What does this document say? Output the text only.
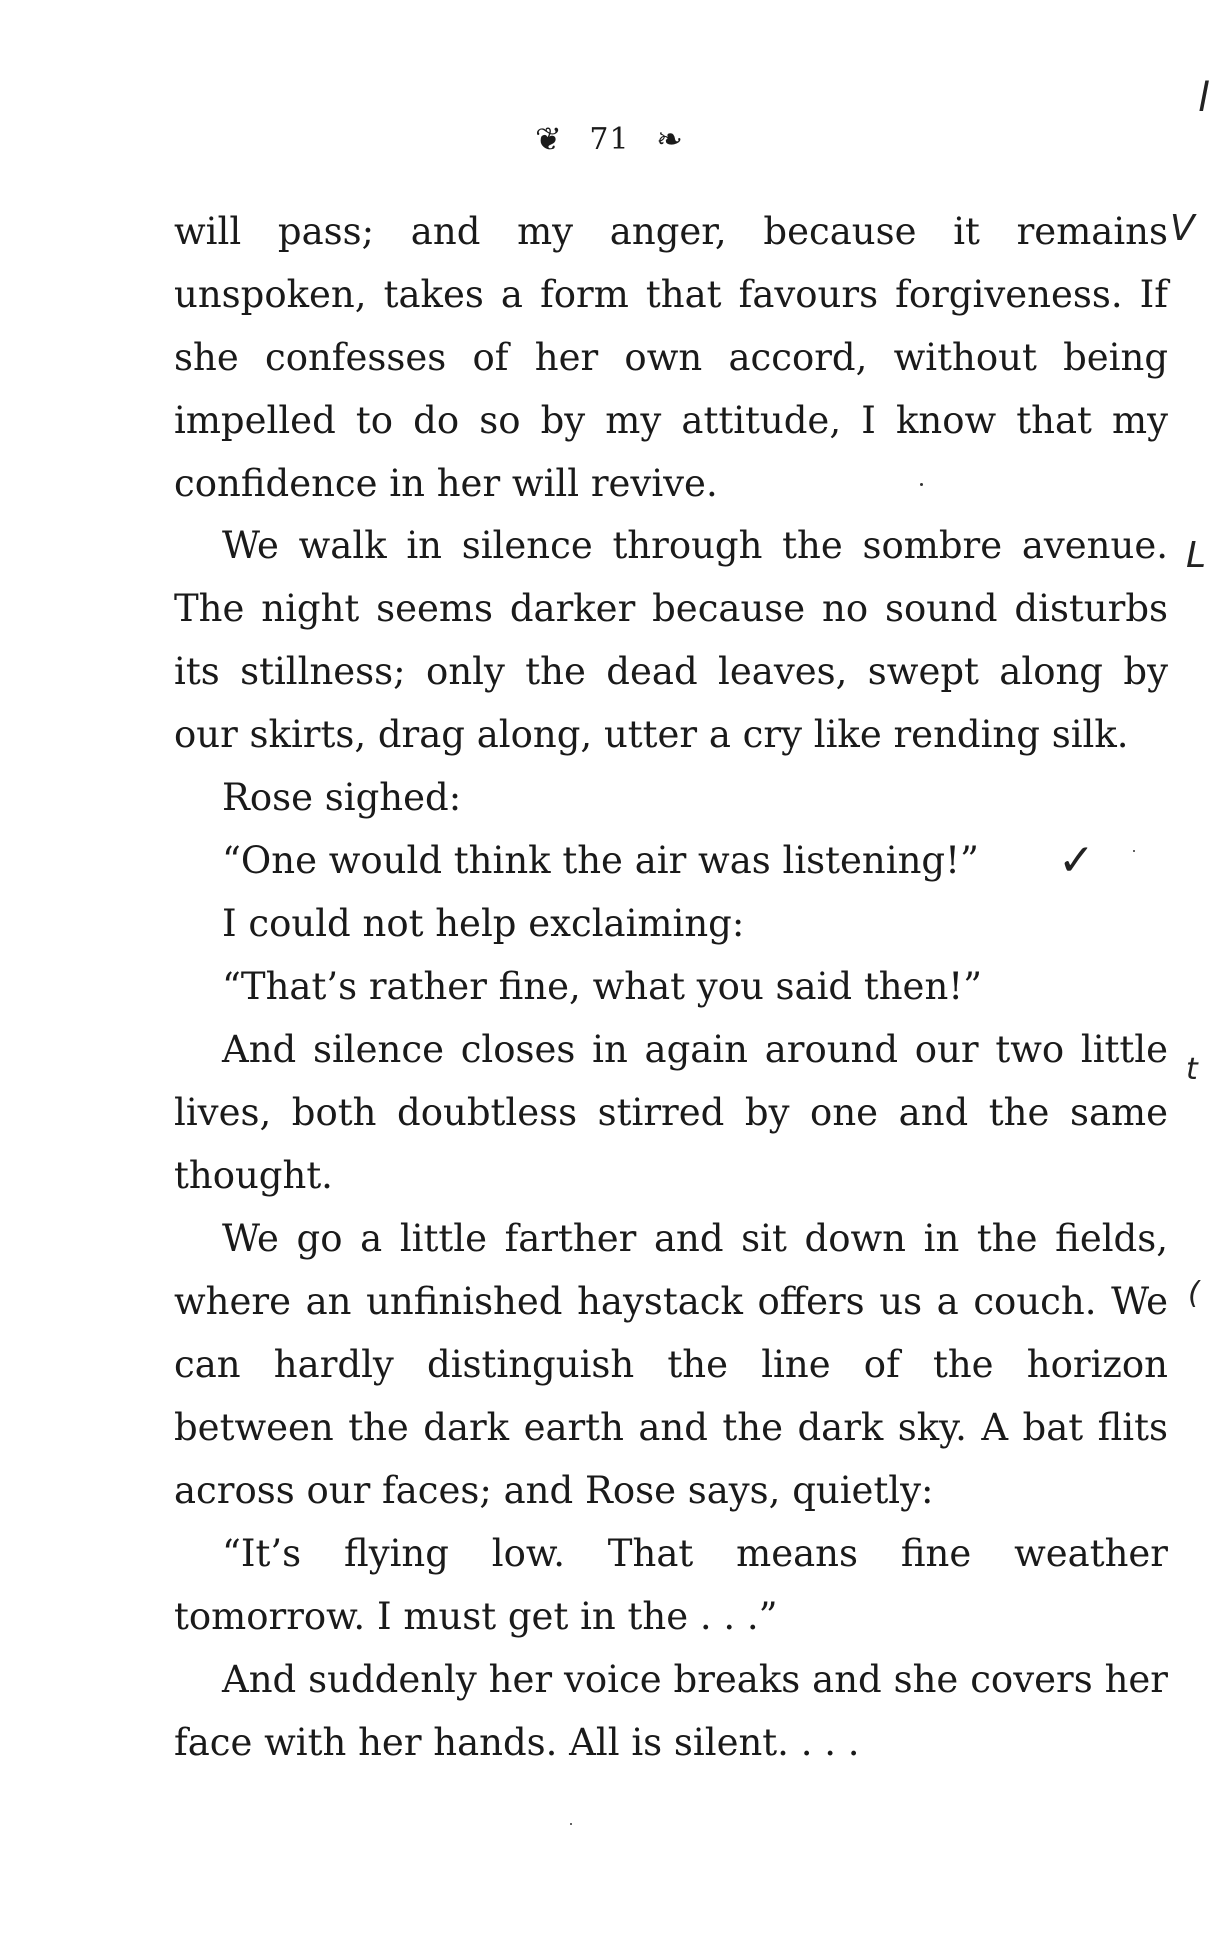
❦ 71 ❧

will pass; and my anger, because it remains unspoken, takes a form that favours forgiveness. If she confesses of her own accord, without being impelled to do so by my attitude, I know that my confidence in her will revive.

We walk in silence through the sombre avenue. The night seems darker because no sound disturbs its stillness; only the dead leaves, swept along by our skirts, drag along, utter a cry like rending silk.

Rose sighed:

“One would think the air was listening!”

I could not help exclaiming:

“That’s rather fine, what you said then!”

And silence closes in again around our two little lives, both doubtless stirred by one and the same thought.

We go a little farther and sit down in the fields, where an unfinished haystack offers us a couch. We can hardly distinguish the line of the horizon between the dark earth and the dark sky. A bat flits across our faces; and Rose says, quietly:

“It’s flying low. That means fine weather tomorrow. I must get in the . . .”

And suddenly her voice breaks and she covers her face with her hands. All is silent. . . .

l
V
L
✓
t
(
